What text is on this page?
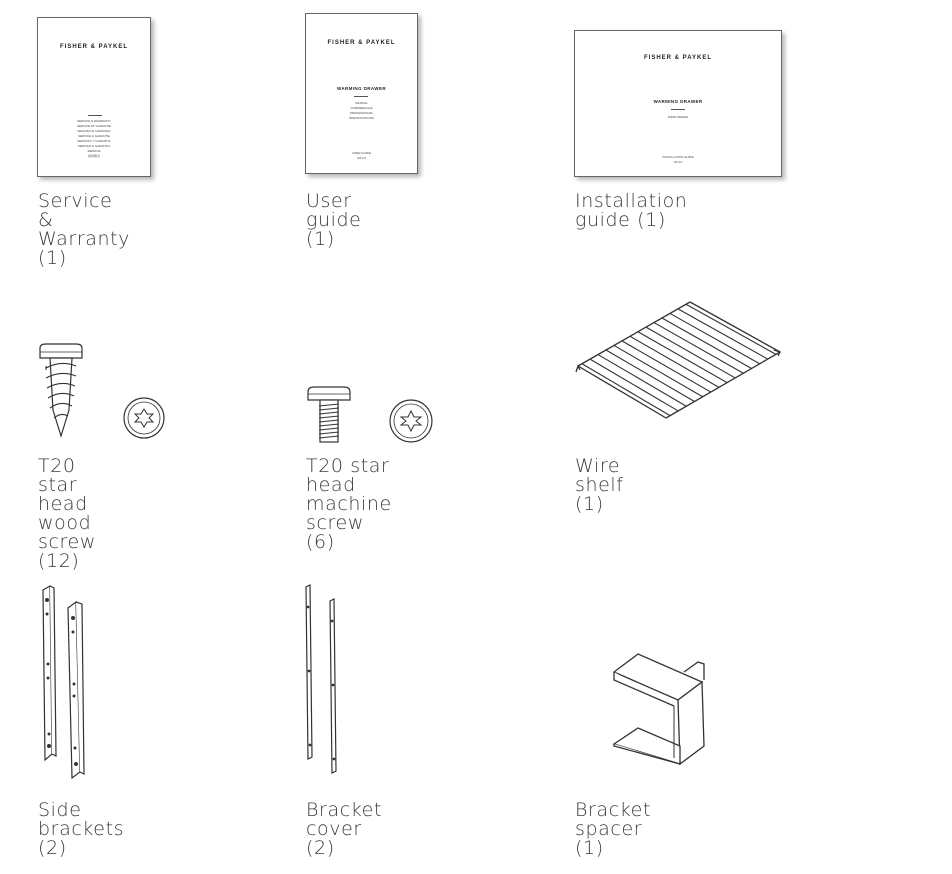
FISHER & PAYKEL
SERVICE & WARRANTY
SERVICE ET GARANTIE
SERVIZIO E GARANZIA
SERVICE & GARANTIE
SERVICIO Y GARANTIA
SERVIÇO E GARANTIA
SERVICE
保修服务
Service & Warranty
(1)
FISHER & PAYKEL
WARMING DRAWER
MANUAL
COMMERCIALE
PROFESSIONAL
SPECIFICATIONS
USER GUIDE
NZ AU
User guide (1)
FISHER & PAYKEL
WARMING DRAWER
WD60 SERIES
INSTALLATION GUIDE
NZ AU
Installation guide (1)
T20 star head
wood screw (12)
T20 star head
machine screw (6)
Wire shelf (1)
Side brackets (2)
Bracket cover (2)
Bracket spacer (1)
